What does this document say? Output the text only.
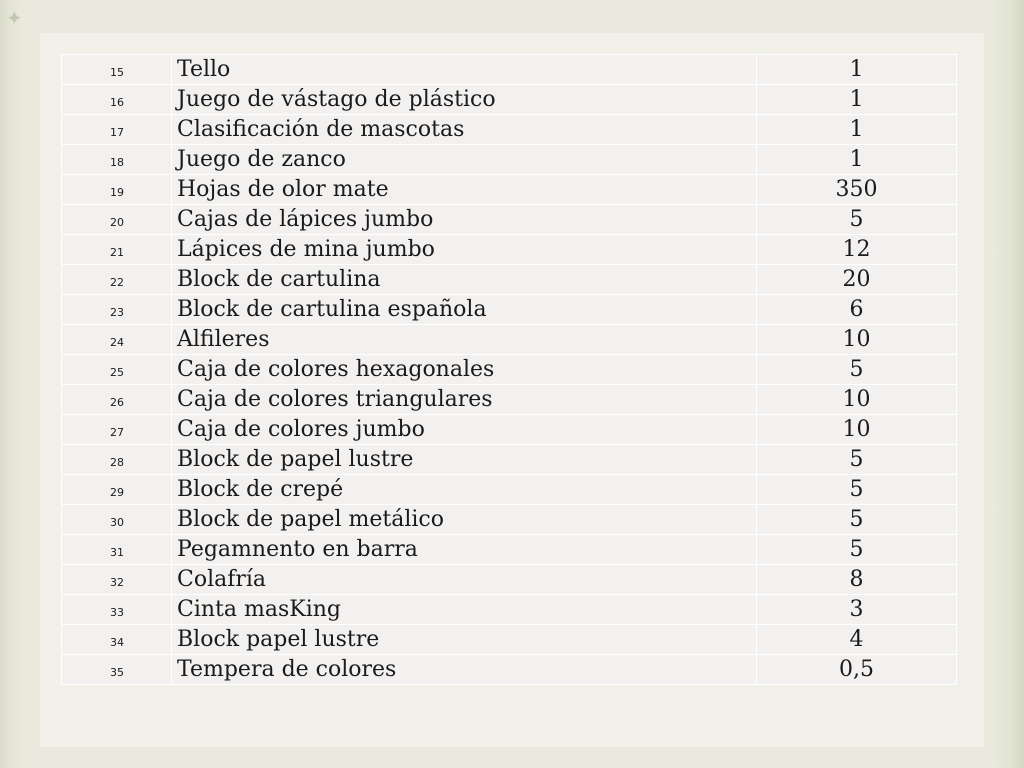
✦
15	Tello	1
16	Juego de vástago de plástico	1
17	Clasificación de mascotas	1
18	Juego de zanco	1
19	Hojas de olor mate	350
20	Cajas de lápices jumbo	5
21	Lápices de mina jumbo	12
22	Block de cartulina	20
23	Block de cartulina española	6
24	Alfileres	10
25	Caja de colores hexagonales	5
26	Caja de colores triangulares	10
27	Caja de colores jumbo	10
28	Block de papel lustre	5
29	Block de crepé	5
30	Block de papel metálico	5
31	Pegamnento en barra	5
32	Colafría	8
33	Cinta masKing	3
34	Block papel lustre	4
35	Tempera de colores	0,5
